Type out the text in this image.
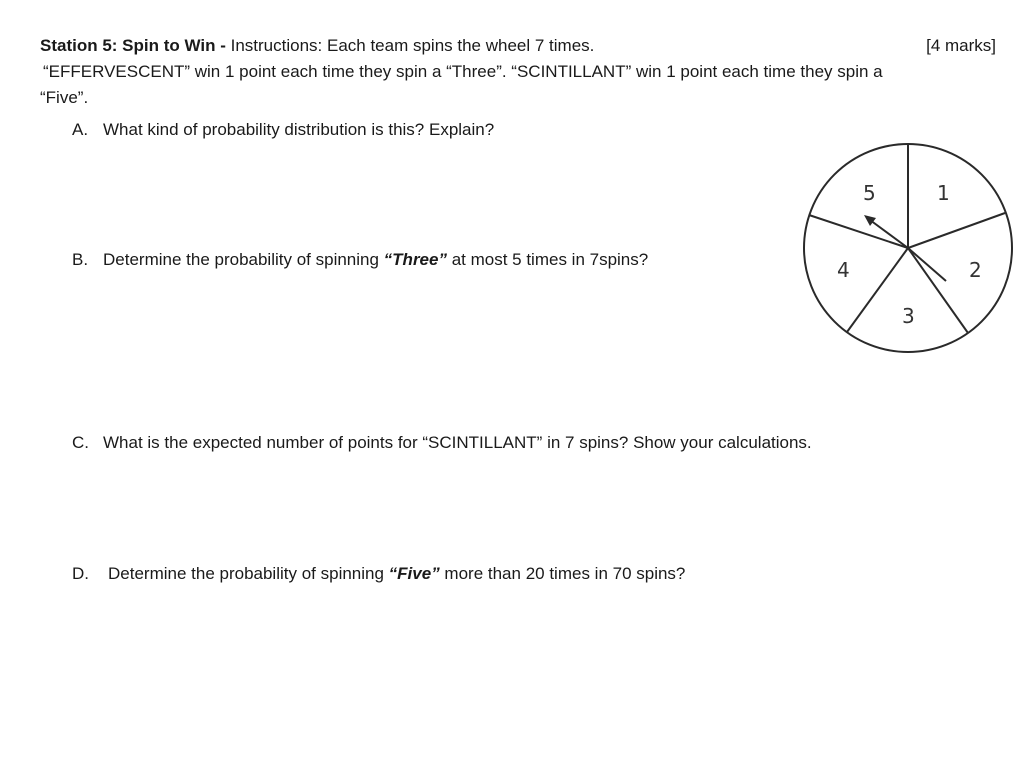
Station 5: Spin to Win - Instructions: Each team spins the wheel 7 times.	[4 marks]
“EFFERVESCENT” win 1 point each time they spin a “Three”. “SCINTILLANT” win 1 point each time they spin a
“Five”.
A. What kind of probability distribution is this? Explain?
B. Determine the probability of spinning “Three” at most 5 times in 7spins?
C. What is the expected number of points for “SCINTILLANT” in 7 spins? Show your calculations.
D. Determine the probability of spinning “Five” more than 20 times in 70 spins?
1
2
3
4
5
